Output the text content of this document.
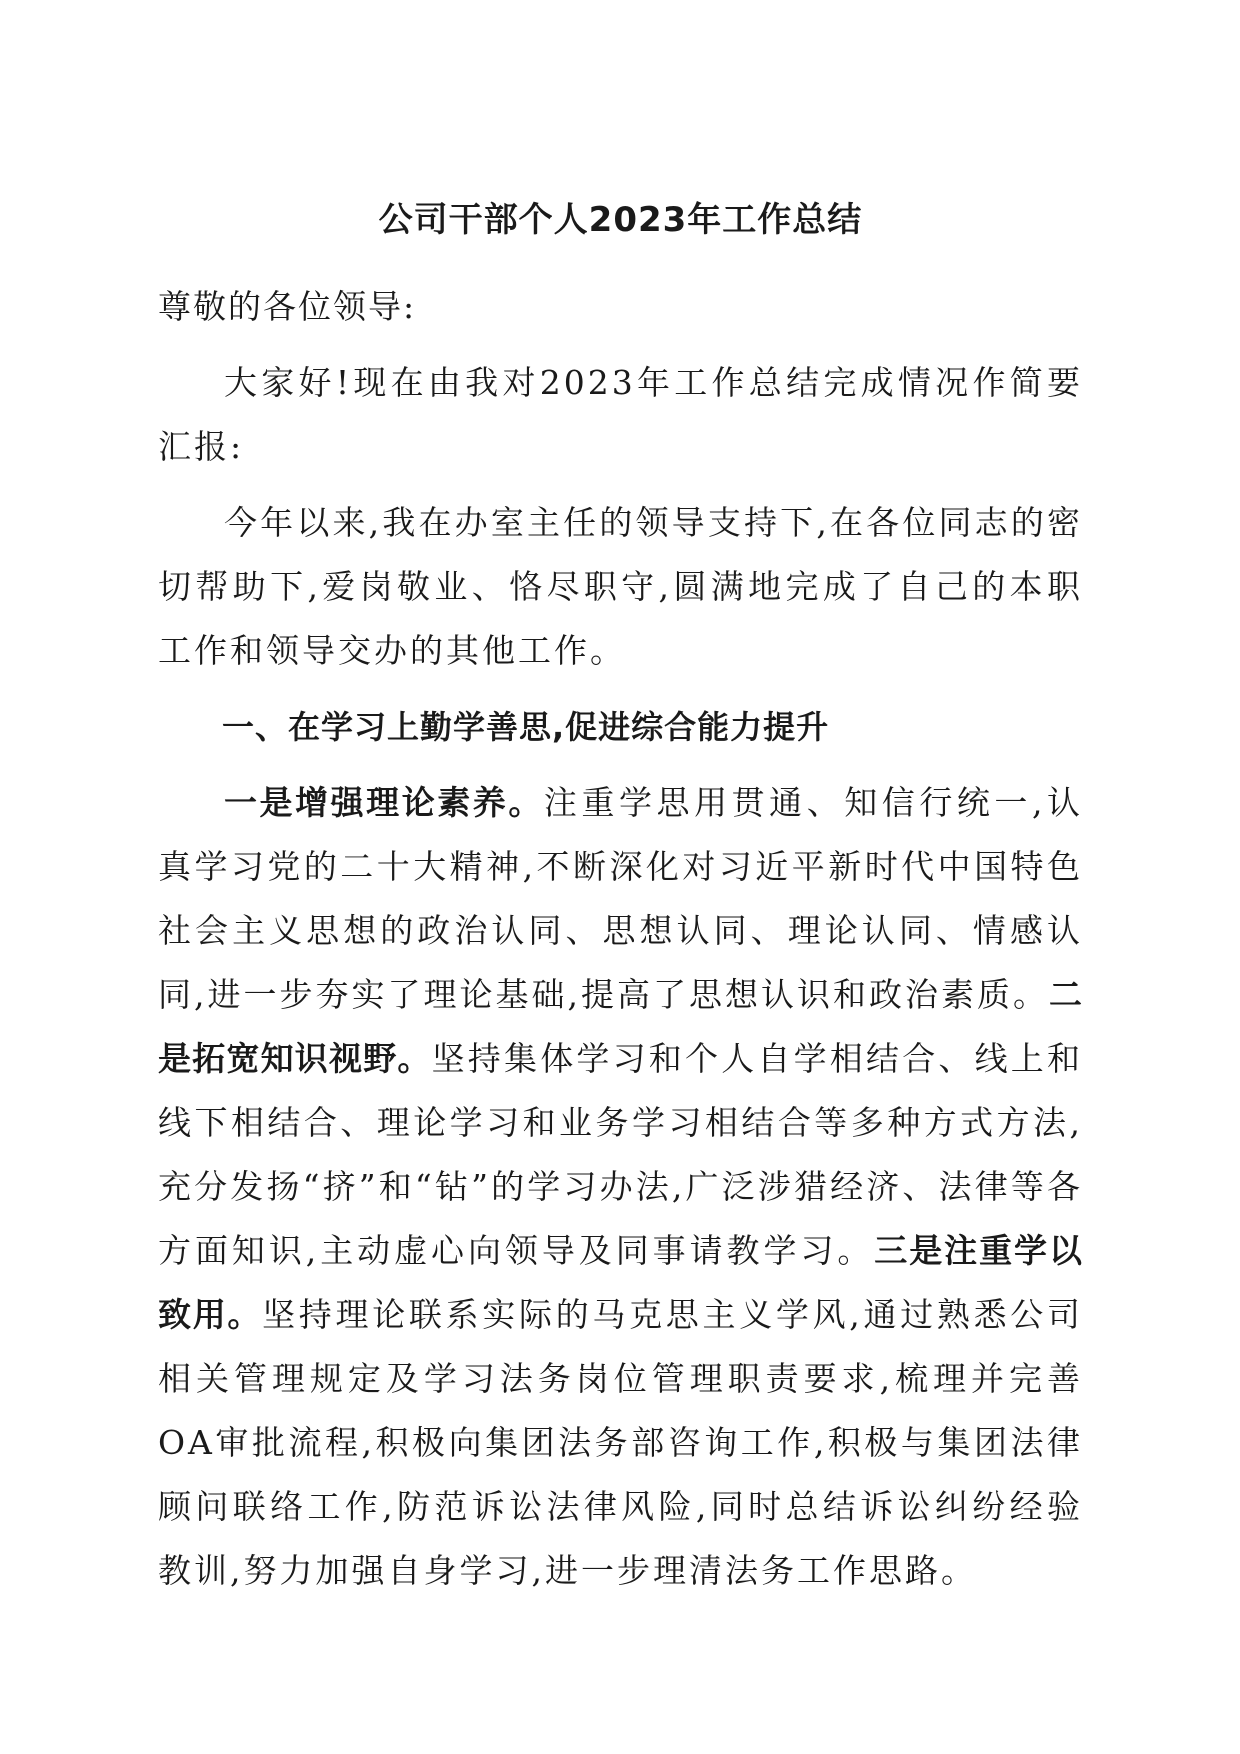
公司干部个人2023年工作总结

尊敬的各位领导:

大家好!现在由我对2023年工作总结完成情况作简要汇报:

今年以来,我在办室主任的领导支持下,在各位同志的密切帮助下,爱岗敬业、恪尽职守,圆满地完成了自己的本职工作和领导交办的其他工作。

一、在学习上勤学善思,促进综合能力提升

一是增强理论素养。注重学思用贯通、知信行统一,认真学习党的二十大精神,不断深化对习近平新时代中国特色社会主义思想的政治认同、思想认同、理论认同、情感认同,进一步夯实了理论基础,提高了思想认识和政治素质。二是拓宽知识视野。坚持集体学习和个人自学相结合、线上和线下相结合、理论学习和业务学习相结合等多种方式方法,充分发扬“挤”和“钻”的学习办法,广泛涉猎经济、法律等各方面知识,主动虚心向领导及同事请教学习。三是注重学以致用。坚持理论联系实际的马克思主义学风,通过熟悉公司相关管理规定及学习法务岗位管理职责要求,梳理并完善OA审批流程,积极向集团法务部咨询工作,积极与集团法律顾问联络工作,防范诉讼法律风险,同时总结诉讼纠纷经验教训,努力加强自身学习,进一步理清法务工作思路。
